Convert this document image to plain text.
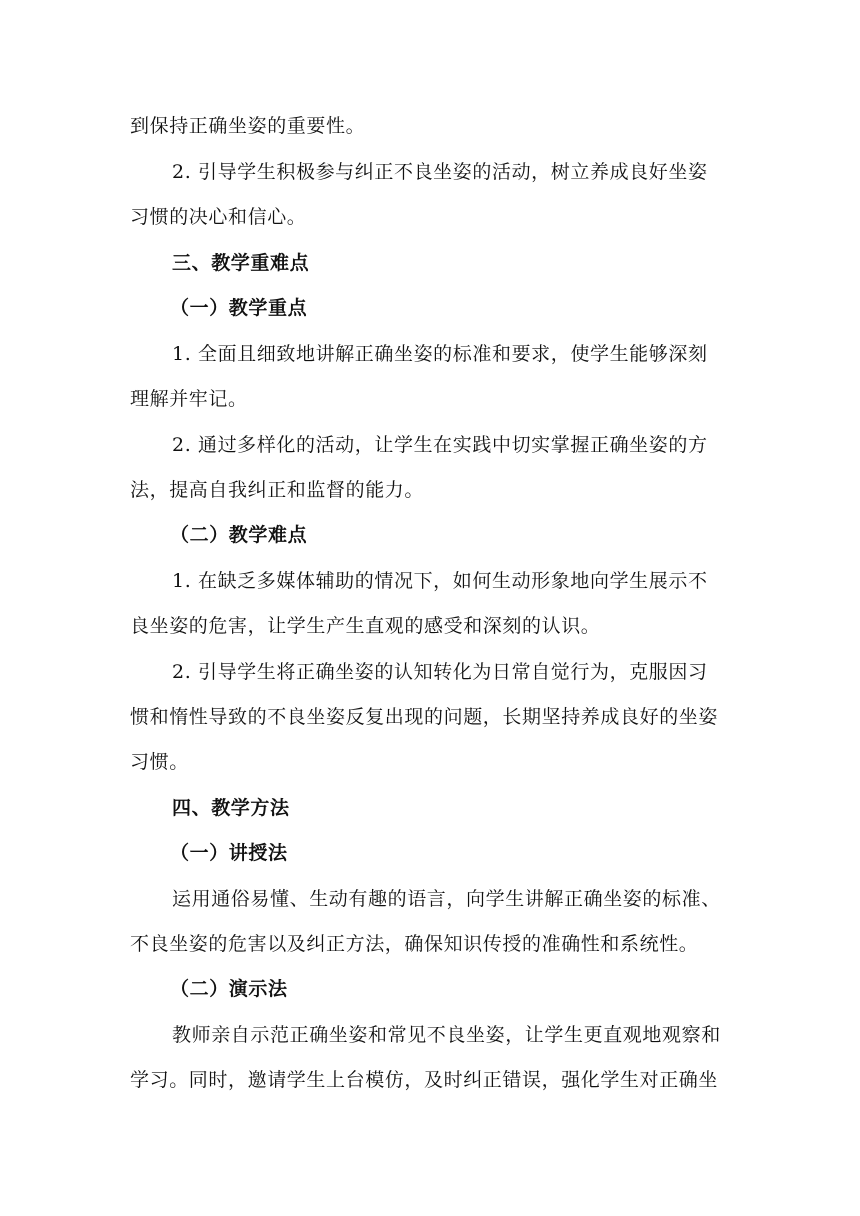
到保持正确坐姿的重要性。
2. 引导学生积极参与纠正不良坐姿的活动，树立养成良好坐姿
习惯的决心和信心。
三、教学重难点
（一）教学重点
1. 全面且细致地讲解正确坐姿的标准和要求，使学生能够深刻
理解并牢记。
2. 通过多样化的活动，让学生在实践中切实掌握正确坐姿的方
法，提高自我纠正和监督的能力。
（二）教学难点
1. 在缺乏多媒体辅助的情况下，如何生动形象地向学生展示不
良坐姿的危害，让学生产生直观的感受和深刻的认识。
2. 引导学生将正确坐姿的认知转化为日常自觉行为，克服因习
惯和惰性导致的不良坐姿反复出现的问题，长期坚持养成良好的坐姿
习惯。
四、教学方法
（一）讲授法
运用通俗易懂、生动有趣的语言，向学生讲解正确坐姿的标准、
不良坐姿的危害以及纠正方法，确保知识传授的准确性和系统性。
（二）演示法
教师亲自示范正确坐姿和常见不良坐姿，让学生更直观地观察和
学习。同时，邀请学生上台模仿，及时纠正错误，强化学生对正确坐
